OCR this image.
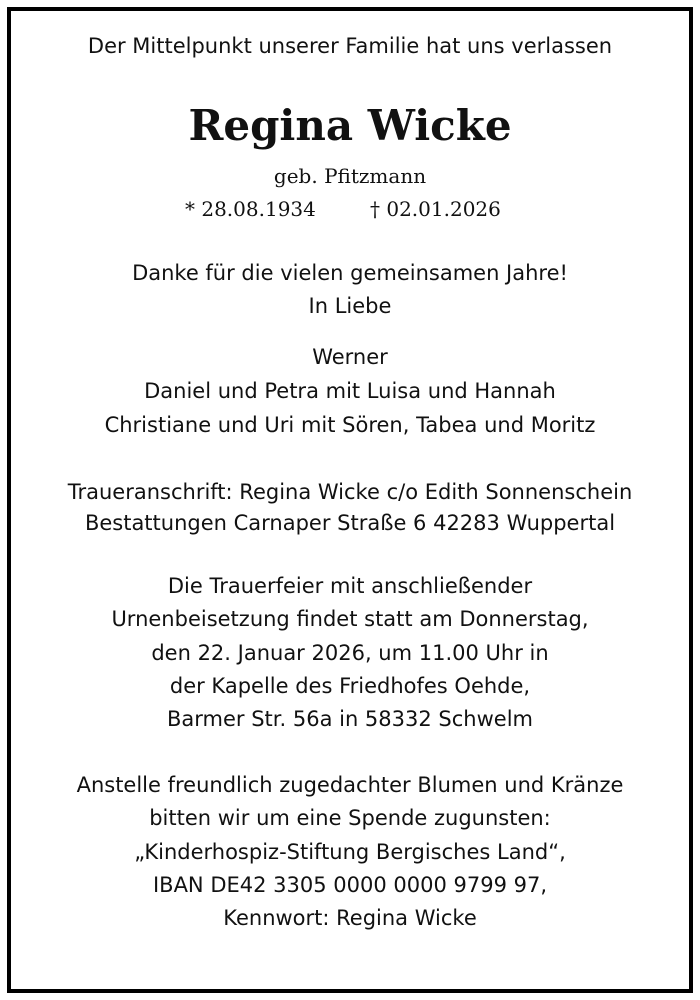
Der Mittelpunkt unserer Familie hat uns verlassen
Regina Wicke
geb. Pfitzmann
* 28.08.1934	† 02.01.2026
Danke für die vielen gemeinsamen Jahre!
In Liebe
Werner
Daniel und Petra mit Luisa und Hannah
Christiane und Uri mit Sören, Tabea und Moritz
Traueranschrift: Regina Wicke c/o Edith Sonnenschein
Bestattungen Carnaper Straße 6 42283 Wuppertal
Die Trauerfeier mit anschließender
Urnenbeisetzung findet statt am Donnerstag,
den 22. Januar 2026, um 11.00 Uhr in
der Kapelle des Friedhofes Oehde,
Barmer Str. 56a in 58332 Schwelm
Anstelle freundlich zugedachter Blumen und Kränze
bitten wir um eine Spende zugunsten:
„Kinderhospiz-Stiftung Bergisches Land“,
IBAN DE42 3305 0000 0000 9799 97,
Kennwort: Regina Wicke
